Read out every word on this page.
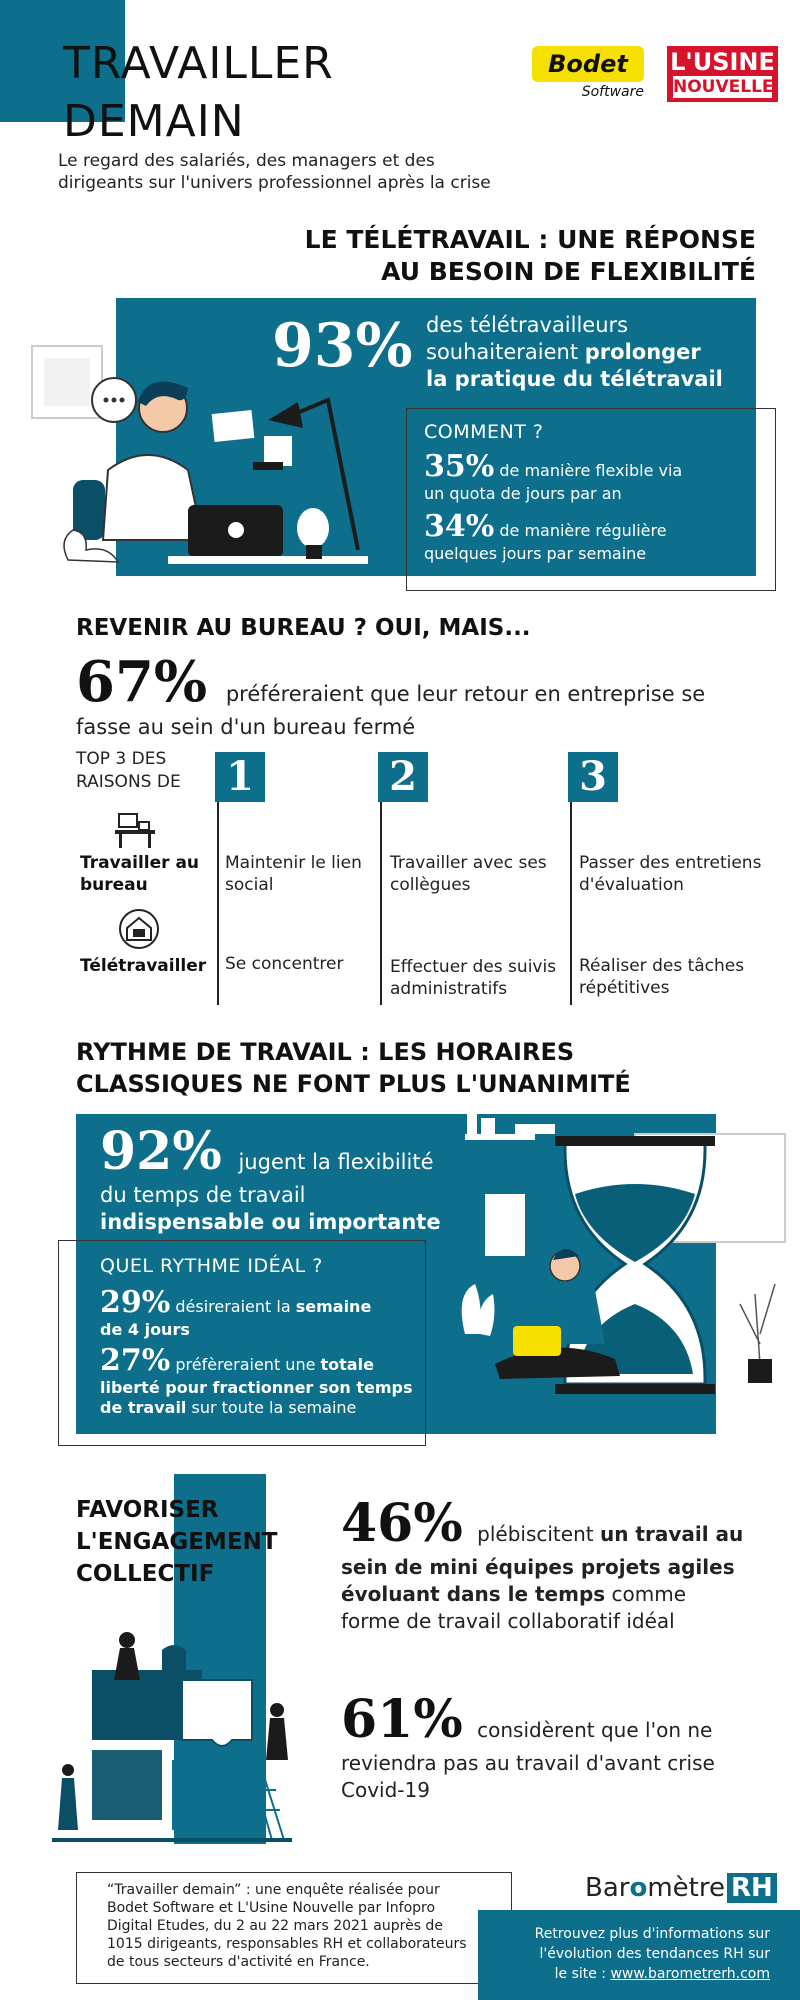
TRAVAILLER
DEMAIN
Le regard des salariés, des managers et des
dirigeants sur l'univers professionnel après la crise
Bodet
Software
L'USINE
NOUVELLE
LE TÉLÉTRAVAIL : UNE RÉPONSE
AU BESOIN DE FLEXIBILITÉ
93% des télétravailleurs
souhaiteraient prolonger
la pratique du télétravail
COMMENT ?
35% de manière flexible via
un quota de jours par an
34% de manière régulière
quelques jours par semaine
REVENIR AU BUREAU ? OUI, MAIS...
67% préféreraient que leur retour en entreprise se
fasse au sein d'un bureau fermé
TOP 3 DES
RAISONS DE
Travailler au
bureau
Télétravailler
1
Maintenir le lien
social
Se concentrer
2
Travailler avec ses
collègues
Effectuer des suivis
administratifs
3
Passer des entretiens
d'évaluation
Réaliser des tâches
répétitives
RYTHME DE TRAVAIL : LES HORAIRES
CLASSIQUES NE FONT PLUS L'UNANIMITÉ
92% jugent la flexibilité
du temps de travail
indispensable ou importante
QUEL RYTHME IDÉAL ?
29% désireraient la semaine
de 4 jours
27% préfèreraient une totale
liberté pour fractionner son temps
de travail sur toute la semaine
FAVORISER
L'ENGAGEMENT
COLLECTIF
46% plébiscitent un travail au
sein de mini équipes projets agiles
évoluant dans le temps comme
forme de travail collaboratif idéal
61% considèrent que l'on ne
reviendra pas au travail d'avant crise
Covid-19
“Travailler demain” : une enquête réalisée pour
Bodet Software et L'Usine Nouvelle par Infopro
Digital Etudes, du 2 au 22 mars 2021 auprès de
1015 dirigeants, responsables RH et collaborateurs
de tous secteurs d'activité en France.
Baromètre RH
Retrouvez plus d'informations sur
l'évolution des tendances RH sur
le site : www.barometrerh.com
